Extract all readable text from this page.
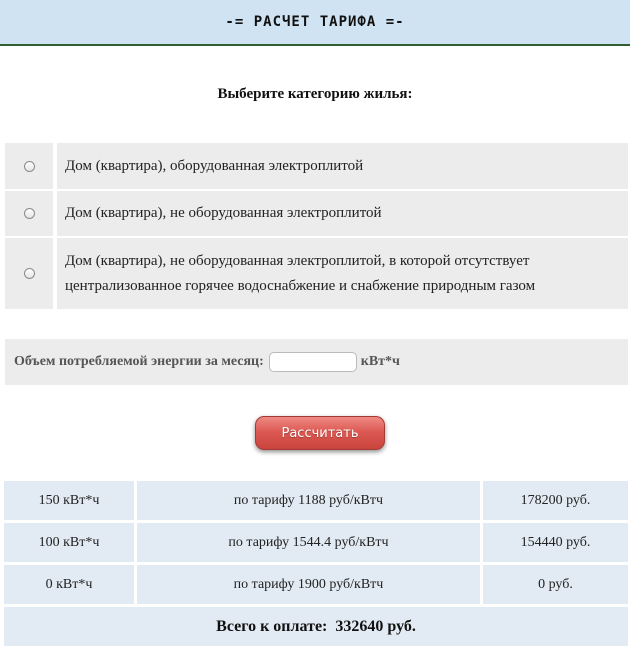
-= РАСЧЕТ ТАРИФА =-
Выберите категорию жилья:
Дом (квартира), оборудованная электроплитой
Дом (квартира), не оборудованная электроплитой
Дом (квартира), не оборудованная электроплитой, в которой отсутствует централизованное горячее водоснабжение и снабжение природным газом
Объем потребляемой энергии за месяц:	кВт*ч
Рассчитать
150 кВт*ч	по тарифу 1188 руб/кВтч	178200 руб.
100 кВт*ч	по тарифу 1544.4 руб/кВтч	154440 руб.
0 кВт*ч	по тарифу 1900 руб/кВтч	0 руб.
Всего к оплате: 332640 руб.
